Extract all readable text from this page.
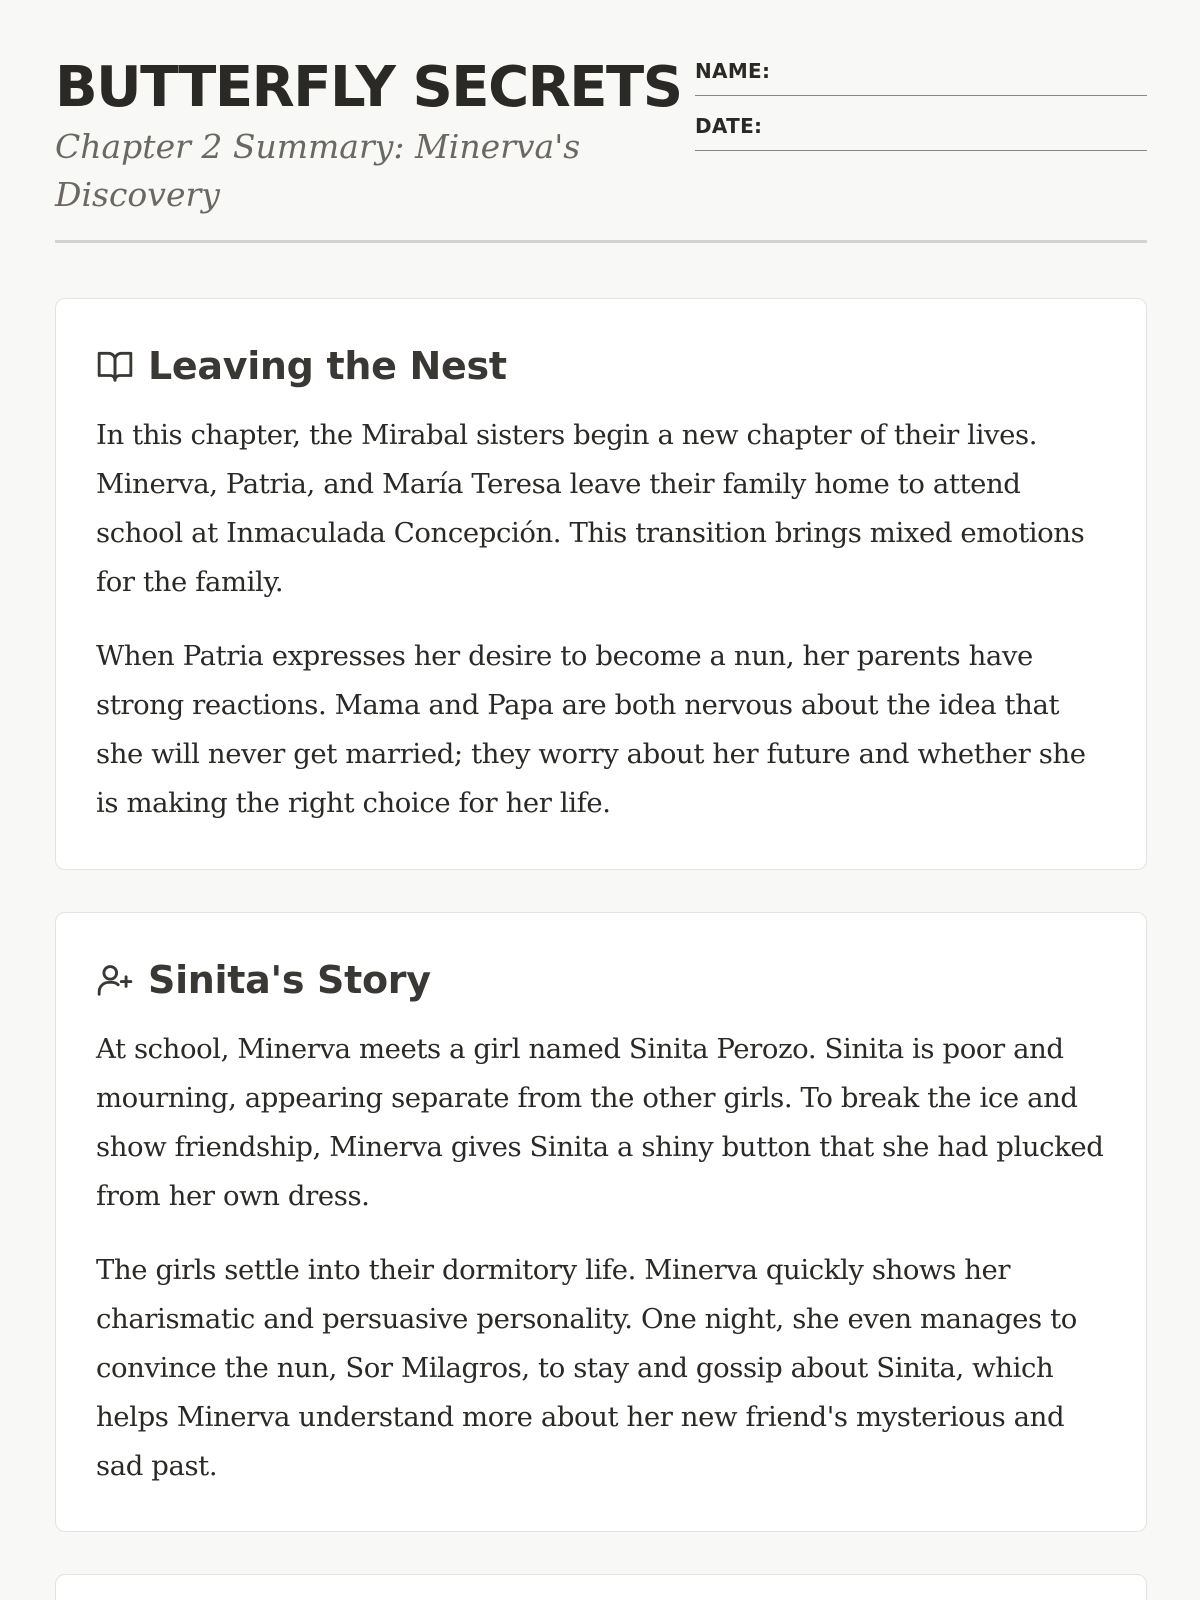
BUTTERFLY SECRETS
Chapter 2 Summary: Minerva's Discovery
NAME:
DATE:
Leaving the Nest

In this chapter, the Mirabal sisters begin a new chapter of their lives. Minerva, Patria, and María Teresa leave their family home to attend school at Inmaculada Concepción. This transition brings mixed emotions for the family.

When Patria expresses her desire to become a nun, her parents have strong reactions. Mama and Papa are both nervous about the idea that she will never get married; they worry about her future and whether she is making the right choice for her life.

Sinita's Story

At school, Minerva meets a girl named Sinita Perozo. Sinita is poor and mourning, appearing separate from the other girls. To break the ice and show friendship, Minerva gives Sinita a shiny button that she had plucked from her own dress.

The girls settle into their dormitory life. Minerva quickly shows her charismatic and persuasive personality. One night, she even manages to convince the nun, Sor Milagros, to stay and gossip about Sinita, which helps Minerva understand more about her new friend's mysterious and sad past.
